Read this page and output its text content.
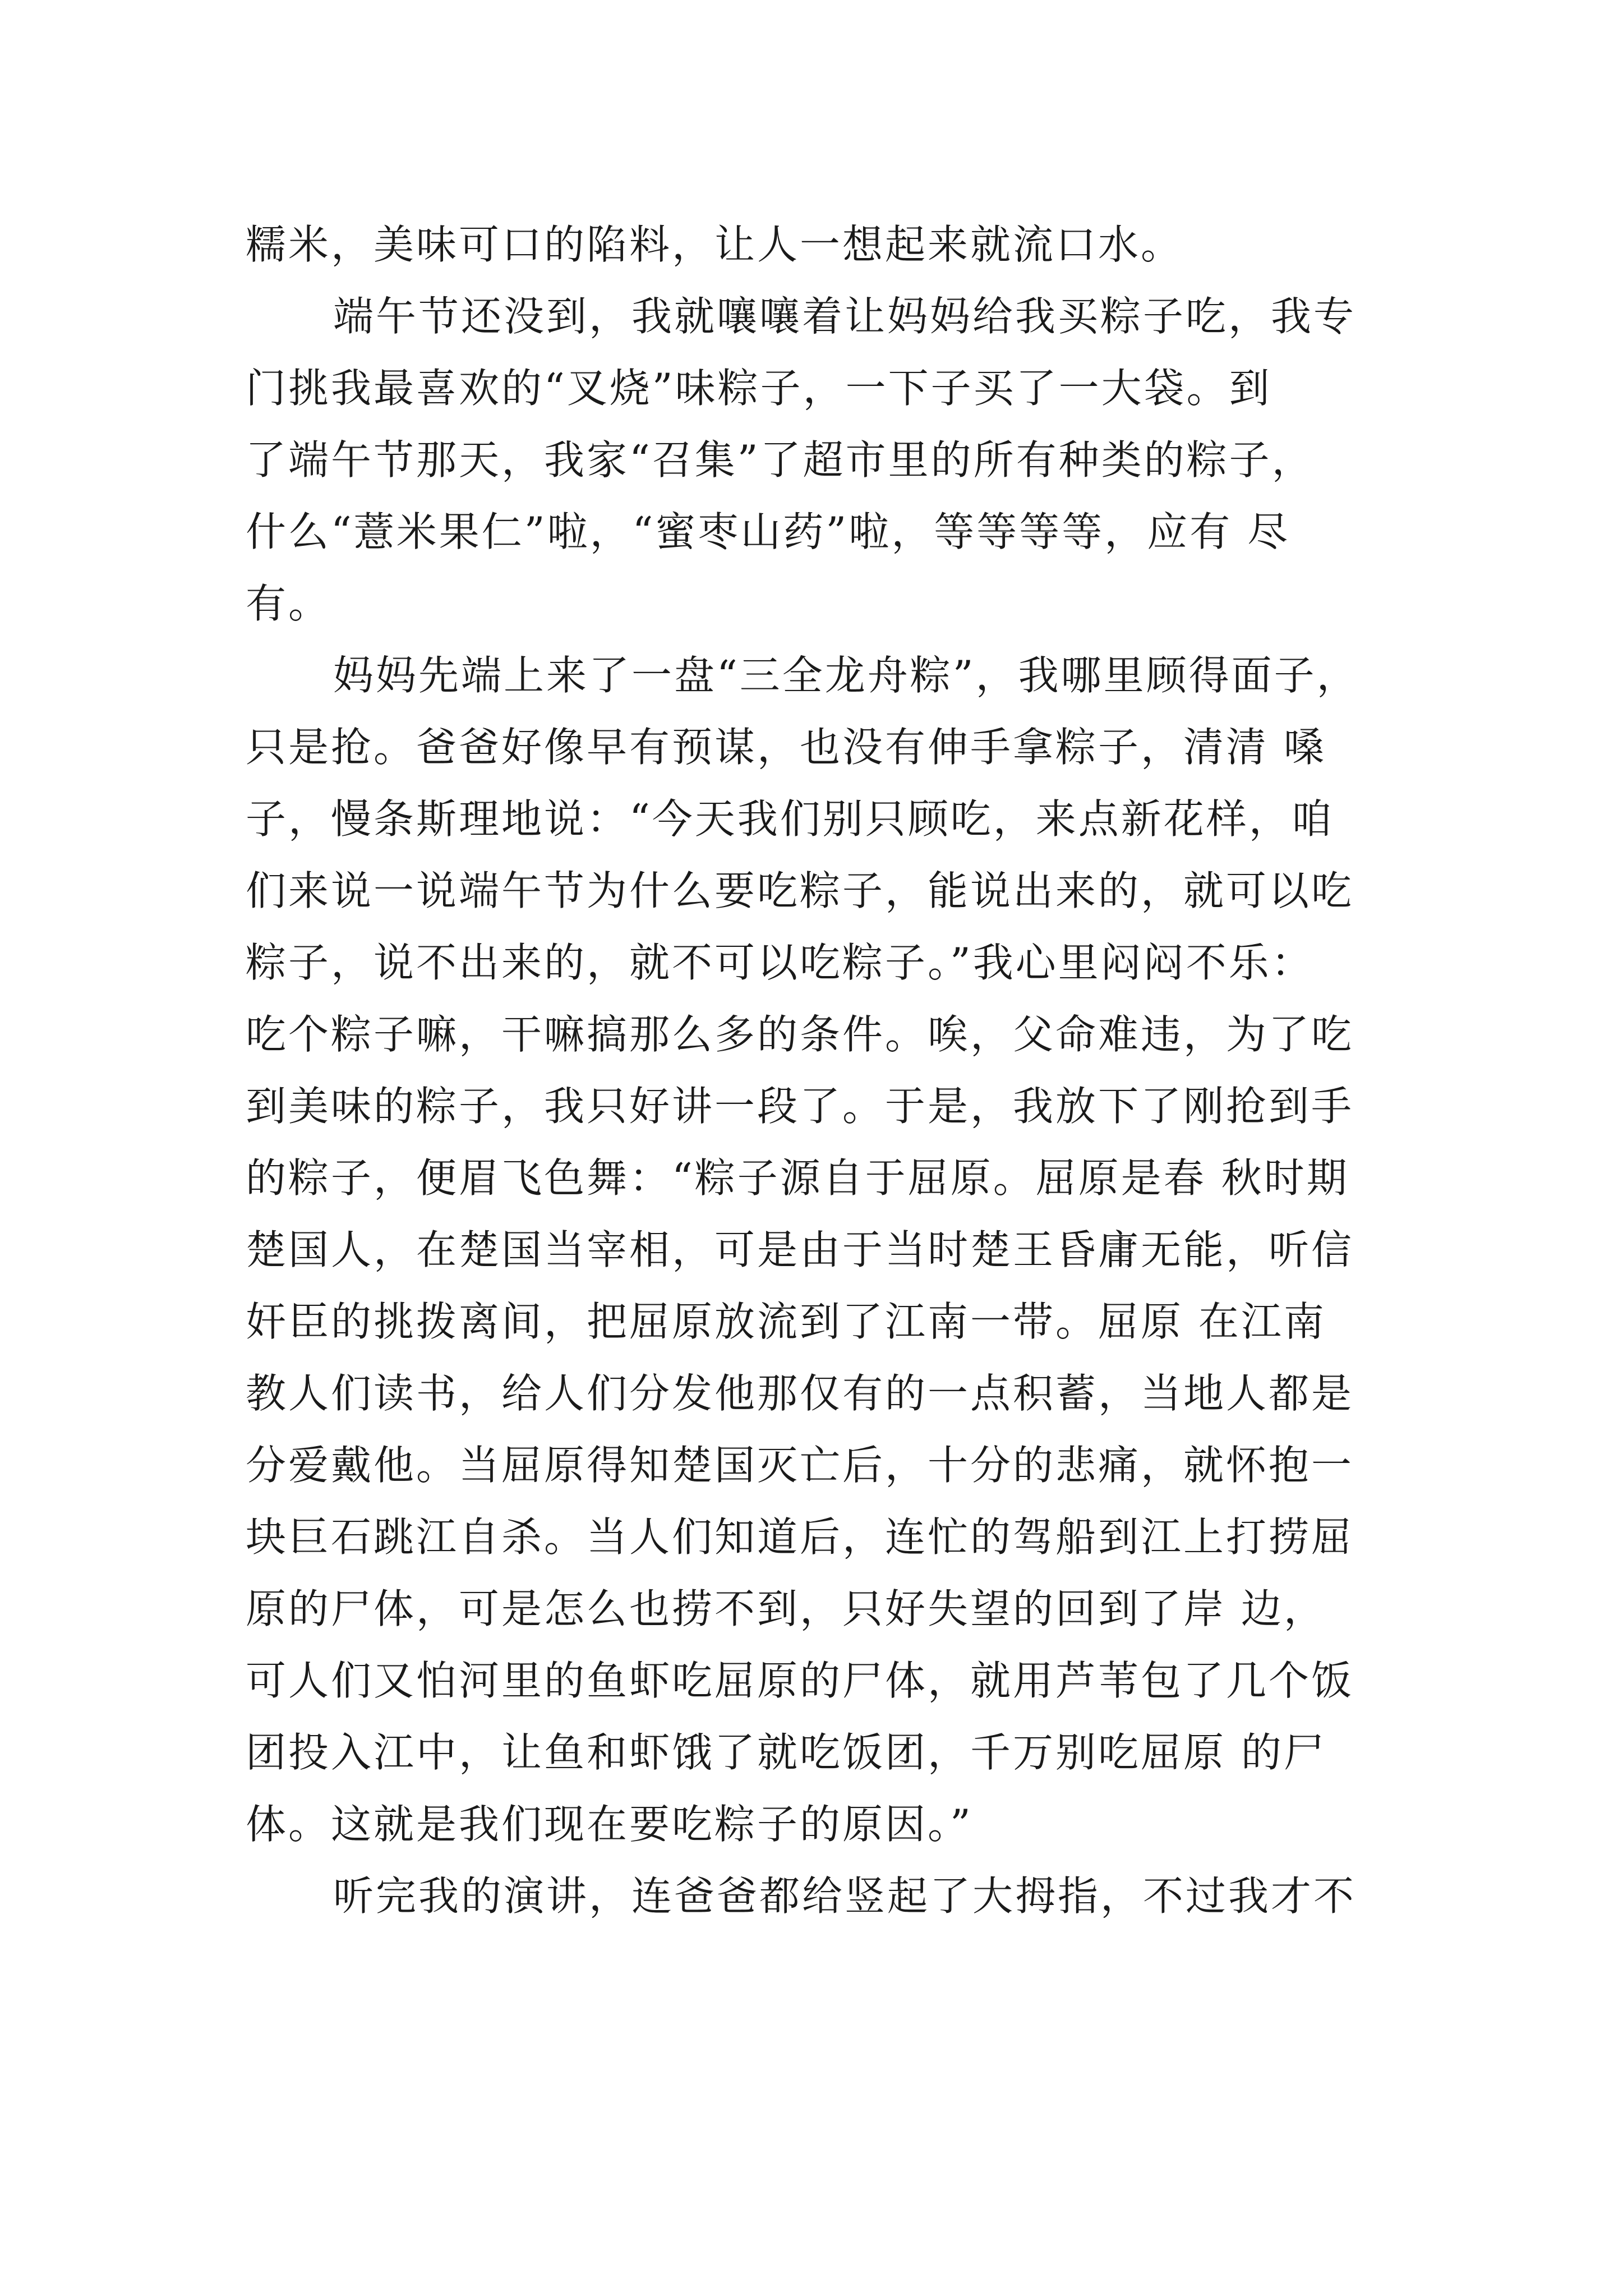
糯米，美味可口的陷料，让人一想起来就流口水。
端午节还没到，我就嚷嚷着让妈妈给我买粽子吃，我专
门挑我最喜欢的“叉烧”味粽子，一下子买了一大袋。到
了端午节那天，我家“召集”了超市里的所有种类的粽子，
什么“薏米果仁”啦，“蜜枣山药”啦，等等等等，应有 尽
有。
妈妈先端上来了一盘“三全龙舟粽”，我哪里顾得面子，
只是抢。爸爸好像早有预谋，也没有伸手拿粽子，清清 嗓
子，慢条斯理地说：“今天我们别只顾吃，来点新花样，咱
们来说一说端午节为什么要吃粽子，能说出来的，就可以吃
粽子，说不出来的，就不可以吃粽子。”我心里闷闷不乐：
吃个粽子嘛，干嘛搞那么多的条件。唉，父命难违，为了吃
到美味的粽子，我只好讲一段了。于是，我放下了刚抢到手
的粽子，便眉飞色舞：“粽子源自于屈原。屈原是春 秋时期
楚国人，在楚国当宰相，可是由于当时楚王昏庸无能，听信
奸臣的挑拨离间，把屈原放流到了江南一带。屈原 在江南
教人们读书，给人们分发他那仅有的一点积蓄，当地人都是
分爱戴他。当屈原得知楚国灭亡后，十分的悲痛，就怀抱一
块巨石跳江自杀。当人们知道后，连忙的驾船到江上打捞屈
原的尸体，可是怎么也捞不到，只好失望的回到了岸 边，
可人们又怕河里的鱼虾吃屈原的尸体，就用芦苇包了几个饭
团投入江中，让鱼和虾饿了就吃饭团，千万别吃屈原 的尸
体。这就是我们现在要吃粽子的原因。”
听完我的演讲，连爸爸都给竖起了大拇指，不过我才不
